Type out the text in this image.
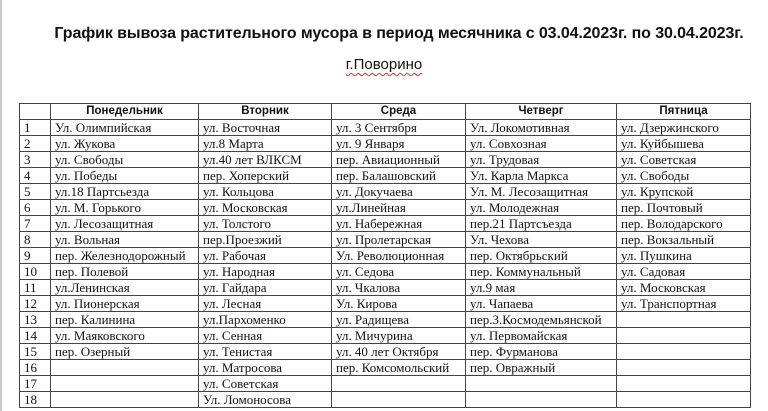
График вывоза растительного мусора в период месячника с 03.04.2023г. по 30.04.2023г.
г.Поворино
	Понедельник	Вторник	Среда	Четверг	Пятница
1	Ул. Олимпийская	ул. Восточная	ул. 3 Сентября	Ул. Локомотивная	ул. Дзержинского
2	ул. Жукова	ул.8 Марта	ул. 9 Января	ул. Совхозная	ул. Куйбышева
3	ул. Свободы	ул.40 лет ВЛКСМ	пер. Авиационный	ул. Трудовая	ул. Советская
4	ул. Победы	пер. Хоперский	пер. Балашовский	Ул. Карла Маркса	ул. Свободы
5	ул.18 Партсьезда	ул. Кольцова	ул. Докучаева	Ул. М. Лесозащитная	ул. Крупской
6	ул. М. Горького	ул. Московская	ул.Линейная	ул. Молодежная	пер. Почтовый
7	ул. Лесозащитная	ул. Толстого	ул. Набережная	пер.21 Партсъезда	пер. Володарского
8	ул. Вольная	пер.Проезжий	ул. Пролетарская	Ул. Чехова	пер. Вокзальный
9	пер. Железнодорожный	ул. Рабочая	Ул. Революционная	пер. Октябрьский	ул. Пушкина
10	пер. Полевой	ул. Народная	ул. Седова	пер. Коммунальный	ул. Садовая
11	ул.Ленинская	ул. Гайдара	ул. Чкалова	ул.9 мая	ул. Московская
12	ул. Пионерская	ул. Лесная	Ул. Кирова	ул. Чапаева	ул. Транспортная
13	пер. Калинина	ул.Пархоменко	ул. Радищева	пер.З.Космодемьянской	
14	ул. Маяковского	ул. Сенная	ул. Мичурина	ул. Первомайская	
15	пер. Озерный	ул. Тенистая	ул. 40 лет Октября	пер. Фурманова	
16		ул. Матросова	пер. Комсомольский	пер. Овражный	
17		ул. Советская			
18		Ул. Ломоносова			
